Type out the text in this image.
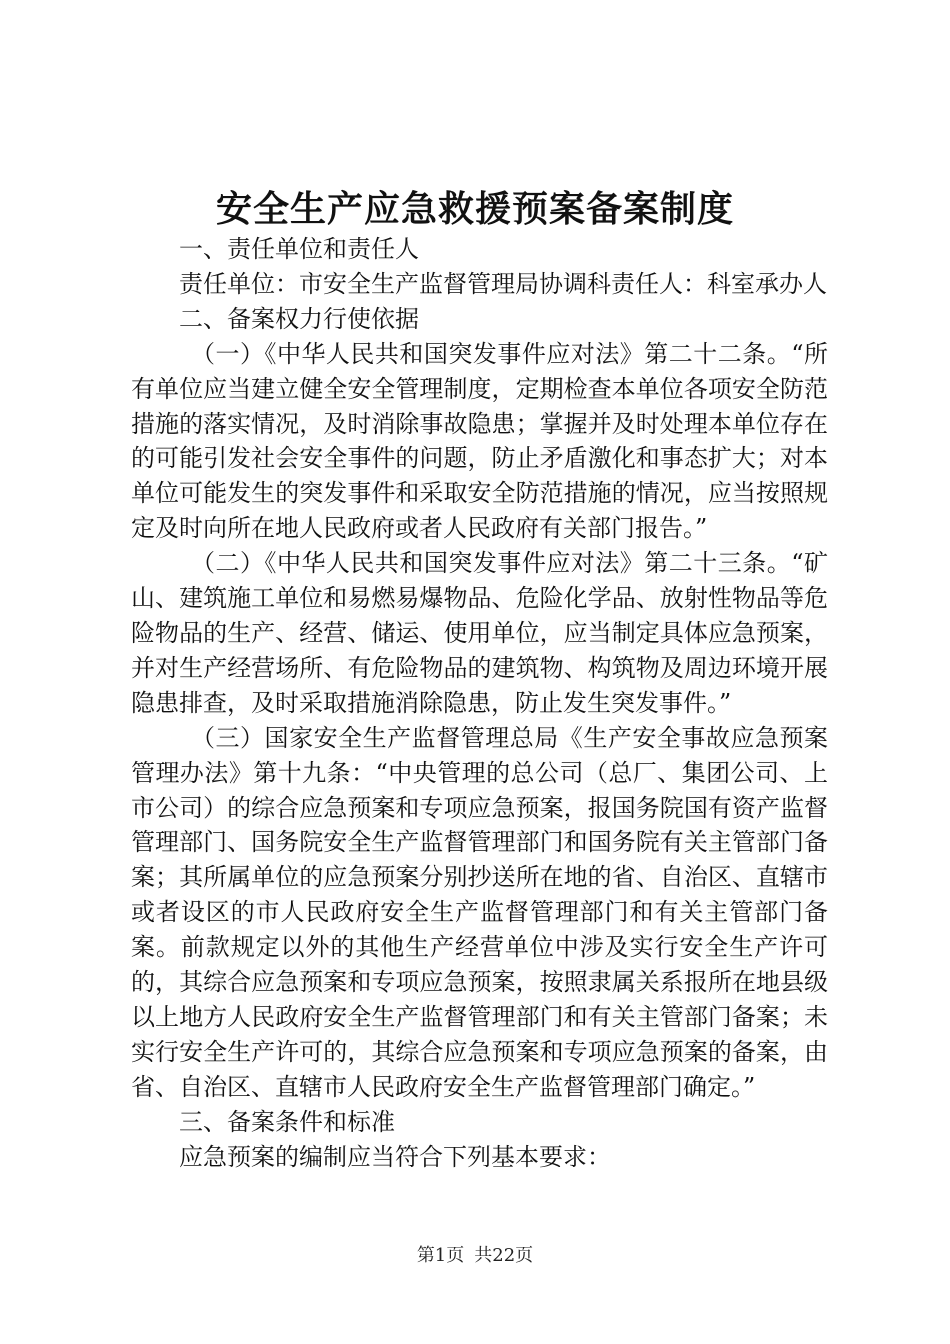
安全生产应急救援预案备案制度

一、责任单位和责任人

责任单位：市安全生产监督管理局协调科责任人：科室承办人

二、备案权力行使依据

（一）《中华人民共和国突发事件应对法》第二十二条。“所有单位应当建立健全安全管理制度，定期检查本单位各项安全防范措施的落实情况，及时消除事故隐患；掌握并及时处理本单位存在的可能引发社会安全事件的问题，防止矛盾激化和事态扩大；对本单位可能发生的突发事件和采取安全防范措施的情况，应当按照规定及时向所在地人民政府或者人民政府有关部门报告。”

（二）《中华人民共和国突发事件应对法》第二十三条。“矿山、建筑施工单位和易燃易爆物品、危险化学品、放射性物品等危险物品的生产、经营、储运、使用单位，应当制定具体应急预案，并对生产经营场所、有危险物品的建筑物、构筑物及周边环境开展隐患排查，及时采取措施消除隐患，防止发生突发事件。”

（三）国家安全生产监督管理总局《生产安全事故应急预案管理办法》第十九条：“中央管理的总公司（总厂、集团公司、上市公司）的综合应急预案和专项应急预案，报国务院国有资产监督管理部门、国务院安全生产监督管理部门和国务院有关主管部门备案；其所属单位的应急预案分别抄送所在地的省、自治区、直辖市或者设区的市人民政府安全生产监督管理部门和有关主管部门备案。前款规定以外的其他生产经营单位中涉及实行安全生产许可的，其综合应急预案和专项应急预案，按照隶属关系报所在地县级以上地方人民政府安全生产监督管理部门和有关主管部门备案；未实行安全生产许可的，其综合应急预案和专项应急预案的备案，由省、自治区、直辖市人民政府安全生产监督管理部门确定。”

三、备案条件和标准

应急预案的编制应当符合下列基本要求：

第1页 共22页
